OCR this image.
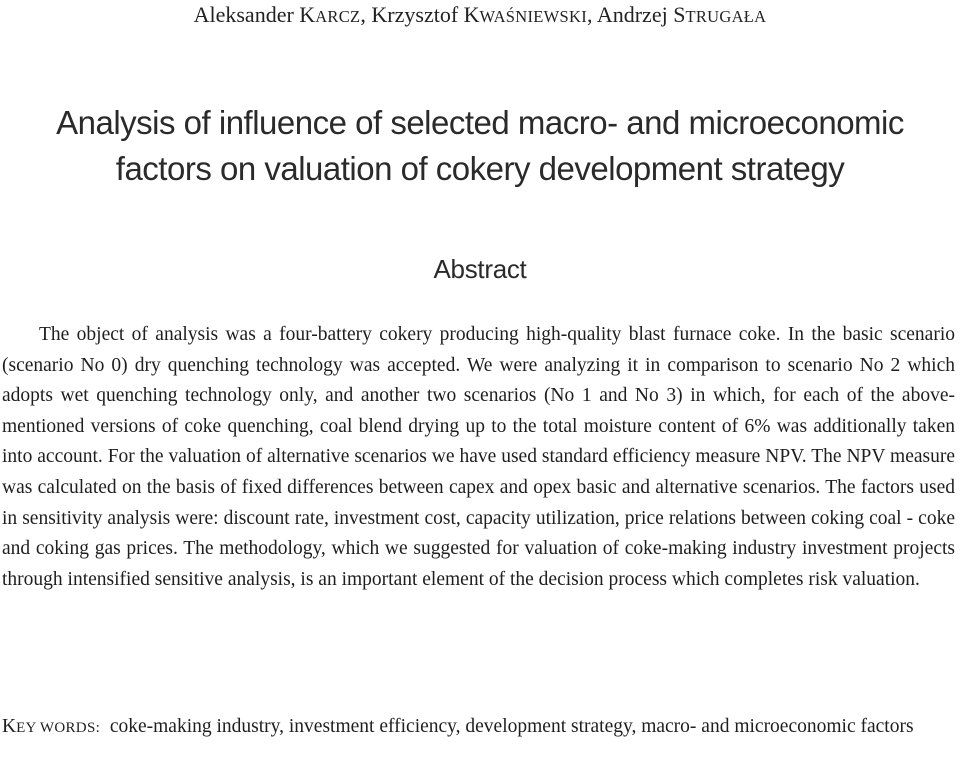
Aleksander KARCZ, Krzysztof KWAŚNIEWSKI, Andrzej STRUGAŁA
Analysis of influence of selected macro- and microeconomic
factors on valuation of cokery development strategy
Abstract

The object of analysis was a four-battery cokery producing high-quality blast furnace coke. In the basic scenario (scenario No 0) dry quenching technology was accepted. We were analyzing it in comparison to scenario No 2 which adopts wet quenching technology only, and another two scenarios (No 1 and No 3) in which, for each of the above-mentioned versions of coke quenching, coal blend drying up to the total moisture content of 6% was additionally taken into account. For the valuation of alternative scenarios we have used standard efficiency measure NPV. The NPV measure was calculated on the basis of fixed differences between capex and opex basic and alternative scenarios. The factors used in sensitivity analysis were: discount rate, investment cost, capacity utilization, price relations between coking coal - coke and coking gas prices. The methodology, which we suggested for valuation of coke-making industry investment projects through intensified sensitive analysis, is an important element of the decision process which completes risk valuation.

KEY WORDS: coke-making industry, investment efficiency, development strategy, macro- and microeconomic factors
